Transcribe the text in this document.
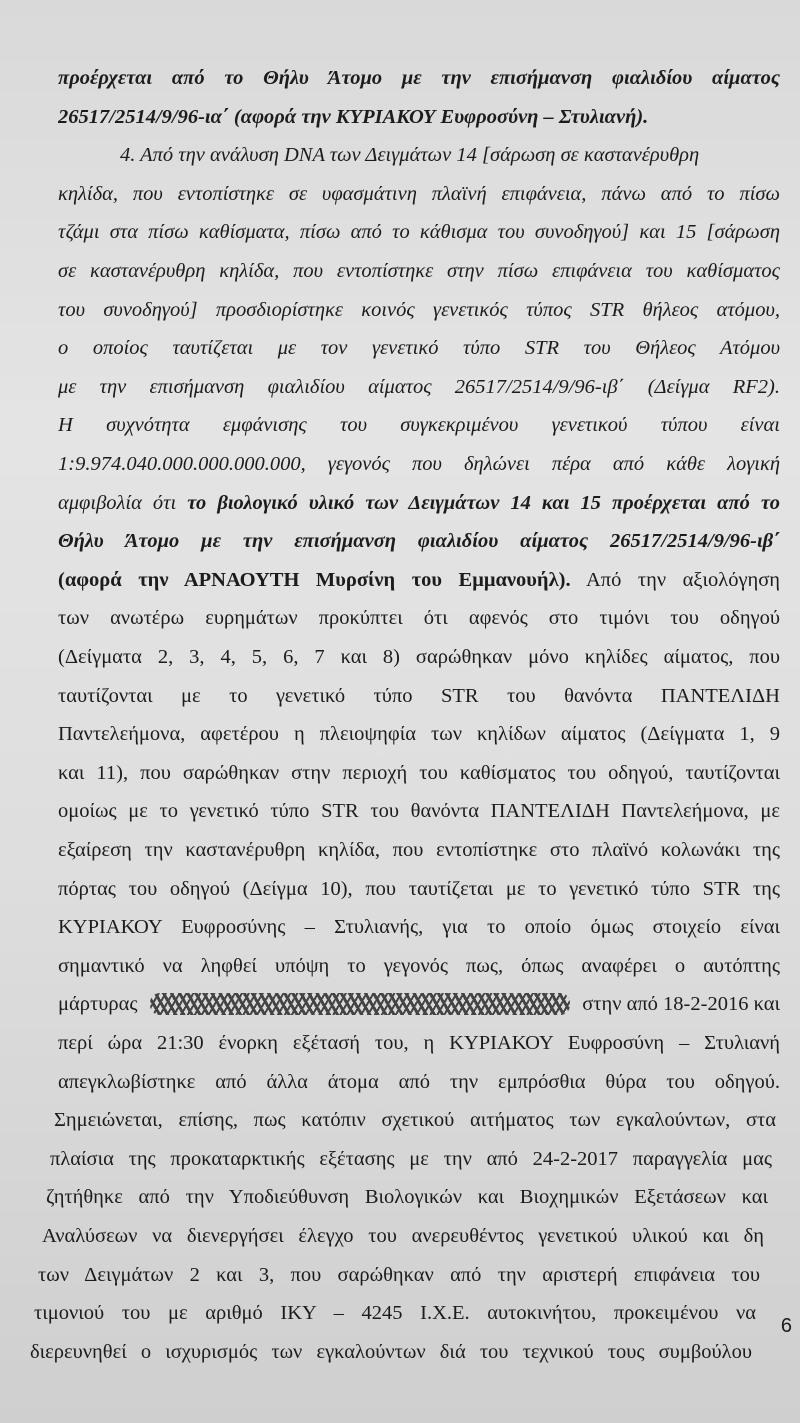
προέρχεται από το Θήλυ Άτομο με την επισήμανση φιαλιδίου αίματος
26517/2514/9/96-ια΄ (αφορά την ΚΥΡΙΑΚΟΥ Ευφροσύνη – Στυλιανή).
4. Από την ανάλυση DNA των Δειγμάτων 14 [σάρωση σε καστανέρυθρη
κηλίδα, που εντοπίστηκε σε υφασμάτινη πλαϊνή επιφάνεια, πάνω από το πίσω
τζάμι στα πίσω καθίσματα, πίσω από το κάθισμα του συνοδηγού] και 15 [σάρωση
σε καστανέρυθρη κηλίδα, που εντοπίστηκε στην πίσω επιφάνεια του καθίσματος
του συνοδηγού] προσδιορίστηκε κοινός γενετικός τύπος STR θήλεος ατόμου,
ο οποίος ταυτίζεται με τον γενετικό τύπο STR του Θήλεος Ατόμου
με την επισήμανση φιαλιδίου αίματος 26517/2514/9/96-ιβ΄ (Δείγμα RF2).
Η συχνότητα εμφάνισης του συγκεκριμένου γενετικού τύπου είναι
1:9.974.040.000.000.000.000, γεγονός που δηλώνει πέρα από κάθε λογική
αμφιβολία ότι το βιολογικό υλικό των Δειγμάτων 14 και 15 προέρχεται από το
Θήλυ Άτομο με την επισήμανση φιαλιδίου αίματος 26517/2514/9/96-ιβ΄
(αφορά την ΑΡΝΑΟΥΤΗ Μυρσίνη του Εμμανουήλ). Από την αξιολόγηση
των ανωτέρω ευρημάτων προκύπτει ότι αφενός στο τιμόνι του οδηγού
(Δείγματα 2, 3, 4, 5, 6, 7 και 8) σαρώθηκαν μόνο κηλίδες αίματος, που
ταυτίζονται με το γενετικό τύπο STR του θανόντα ΠΑΝΤΕΛΙΔΗ
Παντελεήμονα, αφετέρου η πλειοψηφία των κηλίδων αίματος (Δείγματα 1, 9
και 11), που σαρώθηκαν στην περιοχή του καθίσματος του οδηγού, ταυτίζονται
ομοίως με το γενετικό τύπο STR του θανόντα ΠΑΝΤΕΛΙΔΗ Παντελεήμονα, με
εξαίρεση την καστανέρυθρη κηλίδα, που εντοπίστηκε στο πλαϊνό κολωνάκι της
πόρτας του οδηγού (Δείγμα 10), που ταυτίζεται με το γενετικό τύπο STR της
ΚΥΡΙΑΚΟΥ Ευφροσύνης – Στυλιανής, για το οποίο όμως στοιχείο είναι
σημαντικό να ληφθεί υπόψη το γεγονός πως, όπως αναφέρει ο αυτόπτης
μάρτυρας	στην από 18-2-2016 και
περί ώρα 21:30 ένορκη εξέτασή του, η ΚΥΡΙΑΚΟΥ Ευφροσύνη – Στυλιανή
απεγκλωβίστηκε από άλλα άτομα από την εμπρόσθια θύρα του οδηγού.
Σημειώνεται, επίσης, πως κατόπιν σχετικού αιτήματος των εγκαλούντων, στα
πλαίσια της προκαταρκτικής εξέτασης με την από 24-2-2017 παραγγελία μας
ζητήθηκε από την Υποδιεύθυνση Βιολογικών και Βιοχημικών Εξετάσεων και
Αναλύσεων να διενεργήσει έλεγχο του ανερευθέντος γενετικού υλικού και δη
των Δειγμάτων 2 και 3, που σαρώθηκαν από την αριστερή επιφάνεια του
τιμονιού του με αριθμό ΙΚΥ – 4245 Ι.Χ.Ε. αυτοκινήτου, προκειμένου να
διερευνηθεί ο ισχυρισμός των εγκαλούντων διά του τεχνικού τους συμβούλου
6
